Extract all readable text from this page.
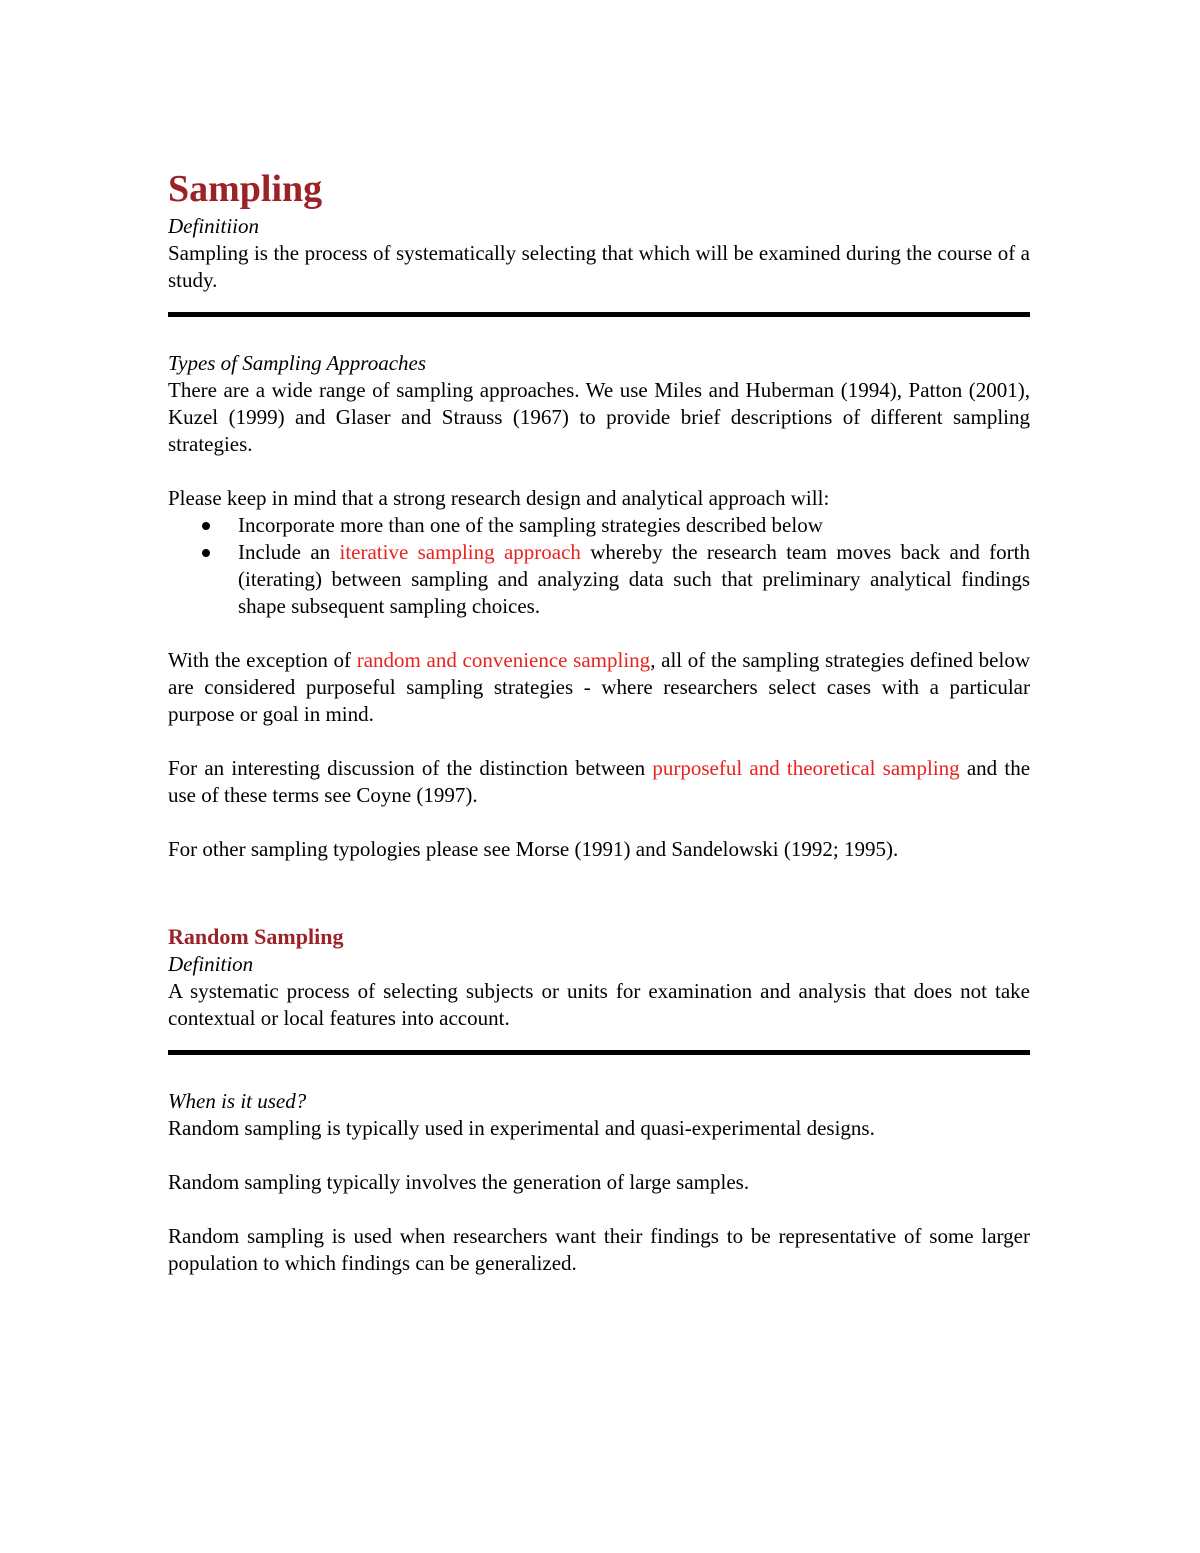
Sampling

Definitiion

Sampling is the process of systematically selecting that which will be examined during the course of a study.

Types of Sampling Approaches

There are a wide range of sampling approaches. We use Miles and Huberman (1994), Patton (2001), Kuzel (1999) and Glaser and Strauss (1967) to provide brief descriptions of different sampling strategies.

Please keep in mind that a strong research design and analytical approach will:

Incorporate more than one of the sampling strategies described below
Include an iterative sampling approach whereby the research team moves back and forth (iterating) between sampling and analyzing data such that preliminary analytical findings shape subsequent sampling choices.

With the exception of random and convenience sampling, all of the sampling strategies defined below are considered purposeful sampling strategies - where researchers select cases with a particular purpose or goal in mind.

For an interesting discussion of the distinction between purposeful and theoretical sampling and the use of these terms see Coyne (1997).

For other sampling typologies please see Morse (1991) and Sandelowski (1992; 1995).

Random Sampling

Definition

A systematic process of selecting subjects or units for examination and analysis that does not take contextual or local features into account.

When is it used?

Random sampling is typically used in experimental and quasi-experimental designs.

Random sampling typically involves the generation of large samples.

Random sampling is used when researchers want their findings to be representative of some larger population to which findings can be generalized.
